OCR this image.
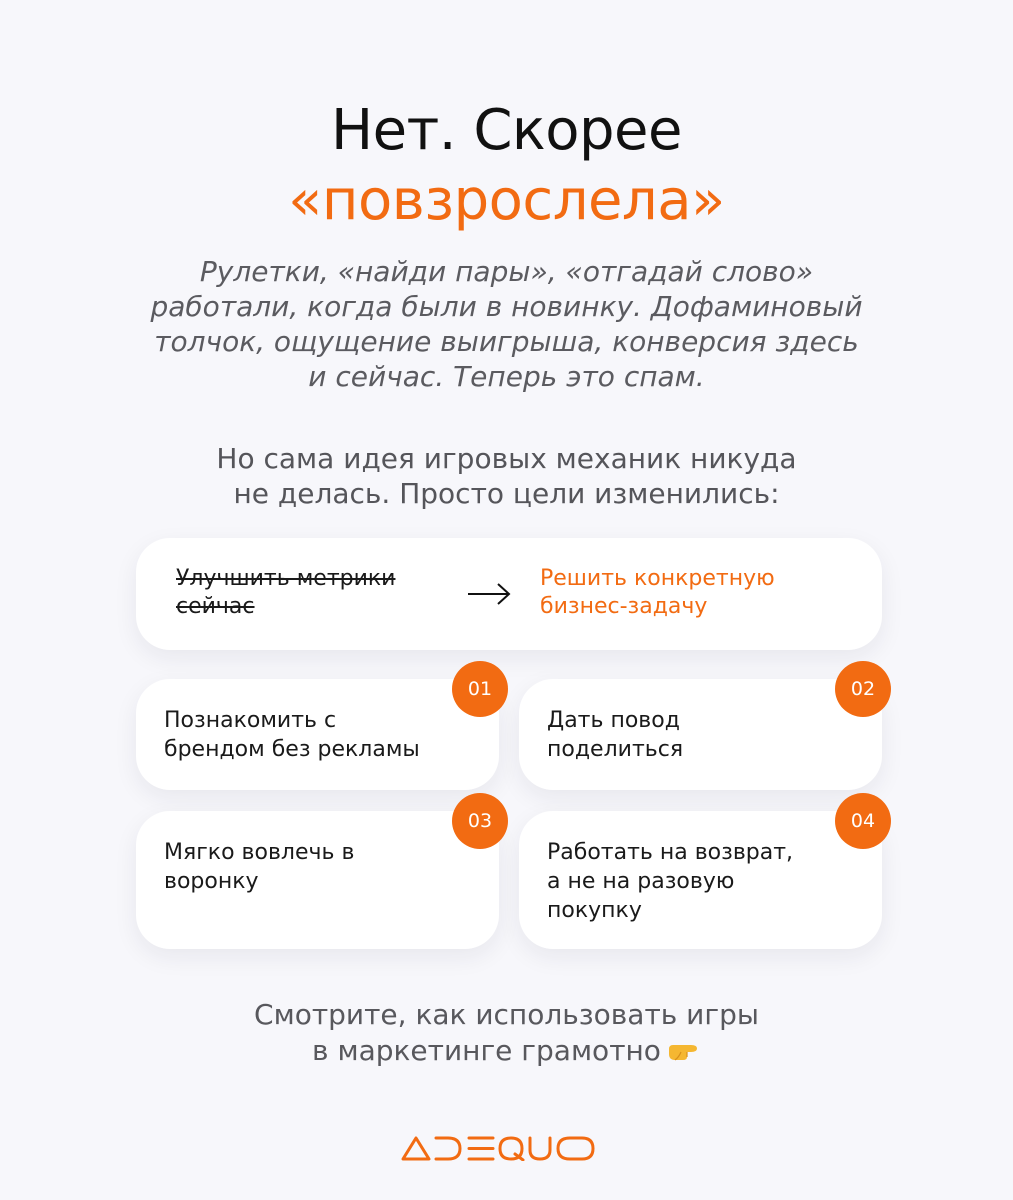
Нет. Скорее
«повзрослела»
Рулетки, «найди пары», «отгадай слово»
работали, когда были в новинку. Дофаминовый
толчок, ощущение выигрыша, конверсия здесь
и сейчас. Теперь это спам.
Но сама идея игровых механик никуда
не делась. Просто цели изменились:
Улучшить метрики
сейчас
Решить конкретную
бизнес-задачу
Познакомить с
брендом без рекламы
01
Дать повод
поделиться
02
Мягко вовлечь в
воронку
03
Работать на возврат,
а не на разовую
покупку
04
Смотрите, как использовать игры
в маркетинге грамотно
